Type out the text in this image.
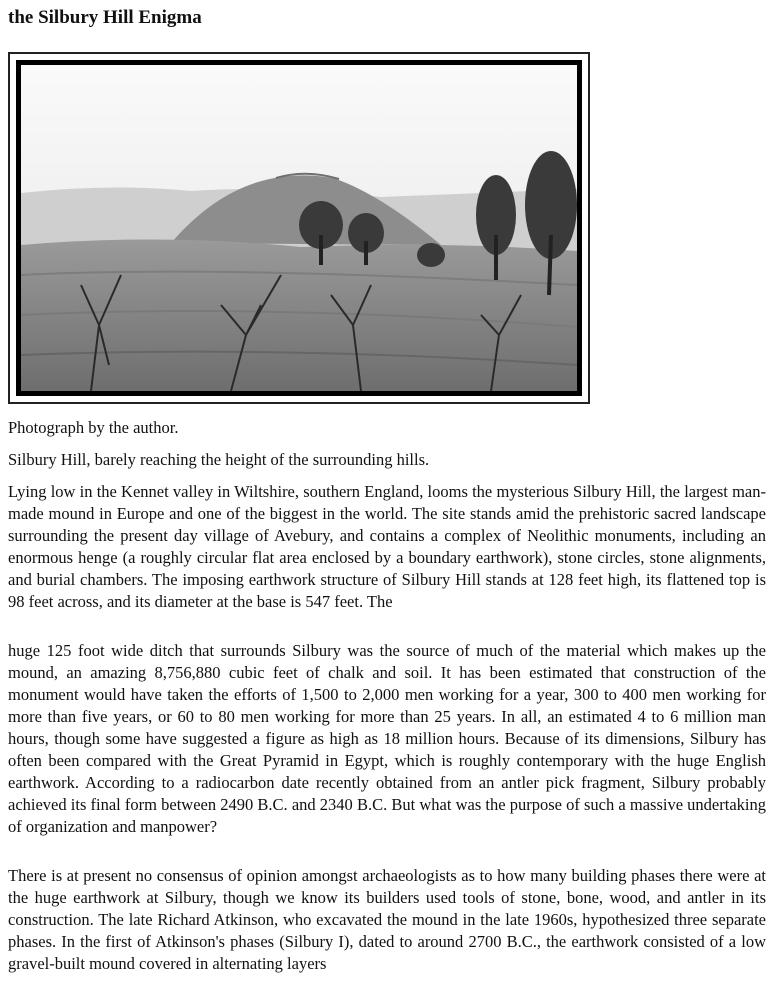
the Silbury Hill Enigma

Photograph by the author.

Silbury Hill, barely reaching the height of the surrounding hills.

Lying low in the Kennet valley in Wiltshire, southern England, looms the mysterious Silbury Hill, the largest man-made mound in Europe and one of the biggest in the world. The site stands amid the prehistoric sacred landscape surrounding the present day village of Avebury, and contains a complex of Neolithic monuments, including an enormous henge (a roughly circular flat area enclosed by a boundary earthwork), stone circles, stone alignments, and burial chambers. The imposing earthwork structure of Silbury Hill stands at 128 feet high, its flattened top is 98 feet across, and its diameter at the base is 547 feet. The

huge 125 foot wide ditch that surrounds Silbury was the source of much of the material which makes up the mound, an amazing 8,756,880 cubic feet of chalk and soil. It has been estimated that construction of the monument would have taken the efforts of 1,500 to 2,000 men working for a year, 300 to 400 men working for more than five years, or 60 to 80 men working for more than 25 years. In all, an estimated 4 to 6 million man hours, though some have suggested a figure as high as 18 million hours. Because of its dimensions, Silbury has often been compared with the Great Pyramid in Egypt, which is roughly contemporary with the huge English earthwork. According to a radiocarbon date recently obtained from an antler pick fragment, Silbury probably achieved its final form between 2490 B.C. and 2340 B.C. But what was the purpose of such a massive undertaking of organization and manpower?

There is at present no consensus of opinion amongst archaeologists as to how many building phases there were at the huge earthwork at Silbury, though we know its builders used tools of stone, bone, wood, and antler in its construction. The late Richard Atkinson, who excavated the mound in the late 1960s, hypothesized three separate phases. In the first of Atkinson's phases (Silbury I), dated to around 2700 B.C., the earthwork consisted of a low gravel-built mound covered in alternating layers
